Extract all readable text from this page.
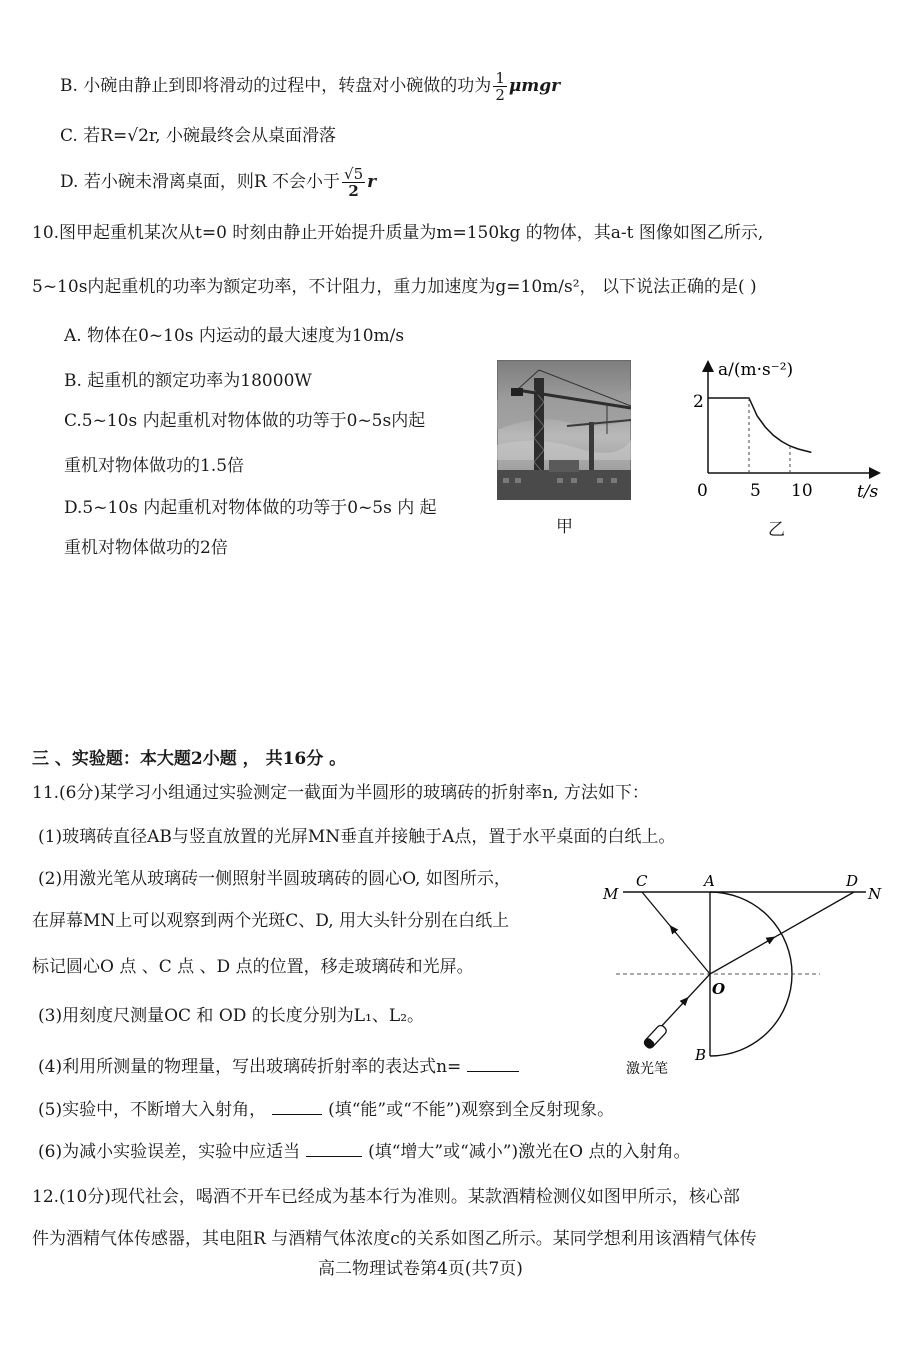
B. 小碗由静止到即将滑动的过程中，转盘对小碗做的功为 $\frac{1}{2}$ μmgr
C. 若R=√2r, 小碗最终会从桌面滑落
D. 若小碗未滑离桌面，则R 不会小于 $\frac{√5}{2}$ r
10.图甲起重机某次从t=0 时刻由静止开始提升质量为m=150kg 的物体，其a-t 图像如图乙所示,
5~10s内起重机的功率为额定功率，不计阻力，重力加速度为g=10m/s²， 以下说法正确的是( )
A. 物体在0~10s 内运动的最大速度为10m/s
B. 起重机的额定功率为18000W
C.5~10s 内起重机对物体做的功等于0~5s内起
重机对物体做功的1.5倍
D.5~10s 内起重机对物体做的功等于0~5s 内 起
重机对物体做功的2倍
甲
a/(m·s⁻²)
t/s
0
2
5 10
乙
三 、实验题：本大题2小题 ， 共16分 。
11.(6分)某学习小组通过实验测定一截面为半圆形的玻璃砖的折射率n, 方法如下：
(1)玻璃砖直径AB与竖直放置的光屏MN垂直并接触于A点，置于水平桌面的白纸上。
(2)用激光笔从玻璃砖一侧照射半圆玻璃砖的圆心O, 如图所示，
在屏幕MN上可以观察到两个光斑C、D, 用大头针分别在白纸上
标记圆心O 点 、C 点 、D 点的位置，移走玻璃砖和光屏。
(3)用刻度尺测量OC 和 OD 的长度分别为L₁、L₂。
(4)利用所测量的物理量，写出玻璃砖折射率的表达式n=
(5)实验中，不断增大入射角，	(填“能”或“不能”)观察到全反射现象。
(6)为减小实验误差，实验中应适当	(填“增大”或“减小”)激光在O 点的入射角。
M
C	A	D
N
O
B
激光笔
12.(10分)现代社会，喝酒不开车已经成为基本行为准则。某款酒精检测仪如图甲所示，核心部
件为酒精气体传感器，其电阻R 与酒精气体浓度c的关系如图乙所示。某同学想利用该酒精气体传
高二物理试卷第4页(共7页)
